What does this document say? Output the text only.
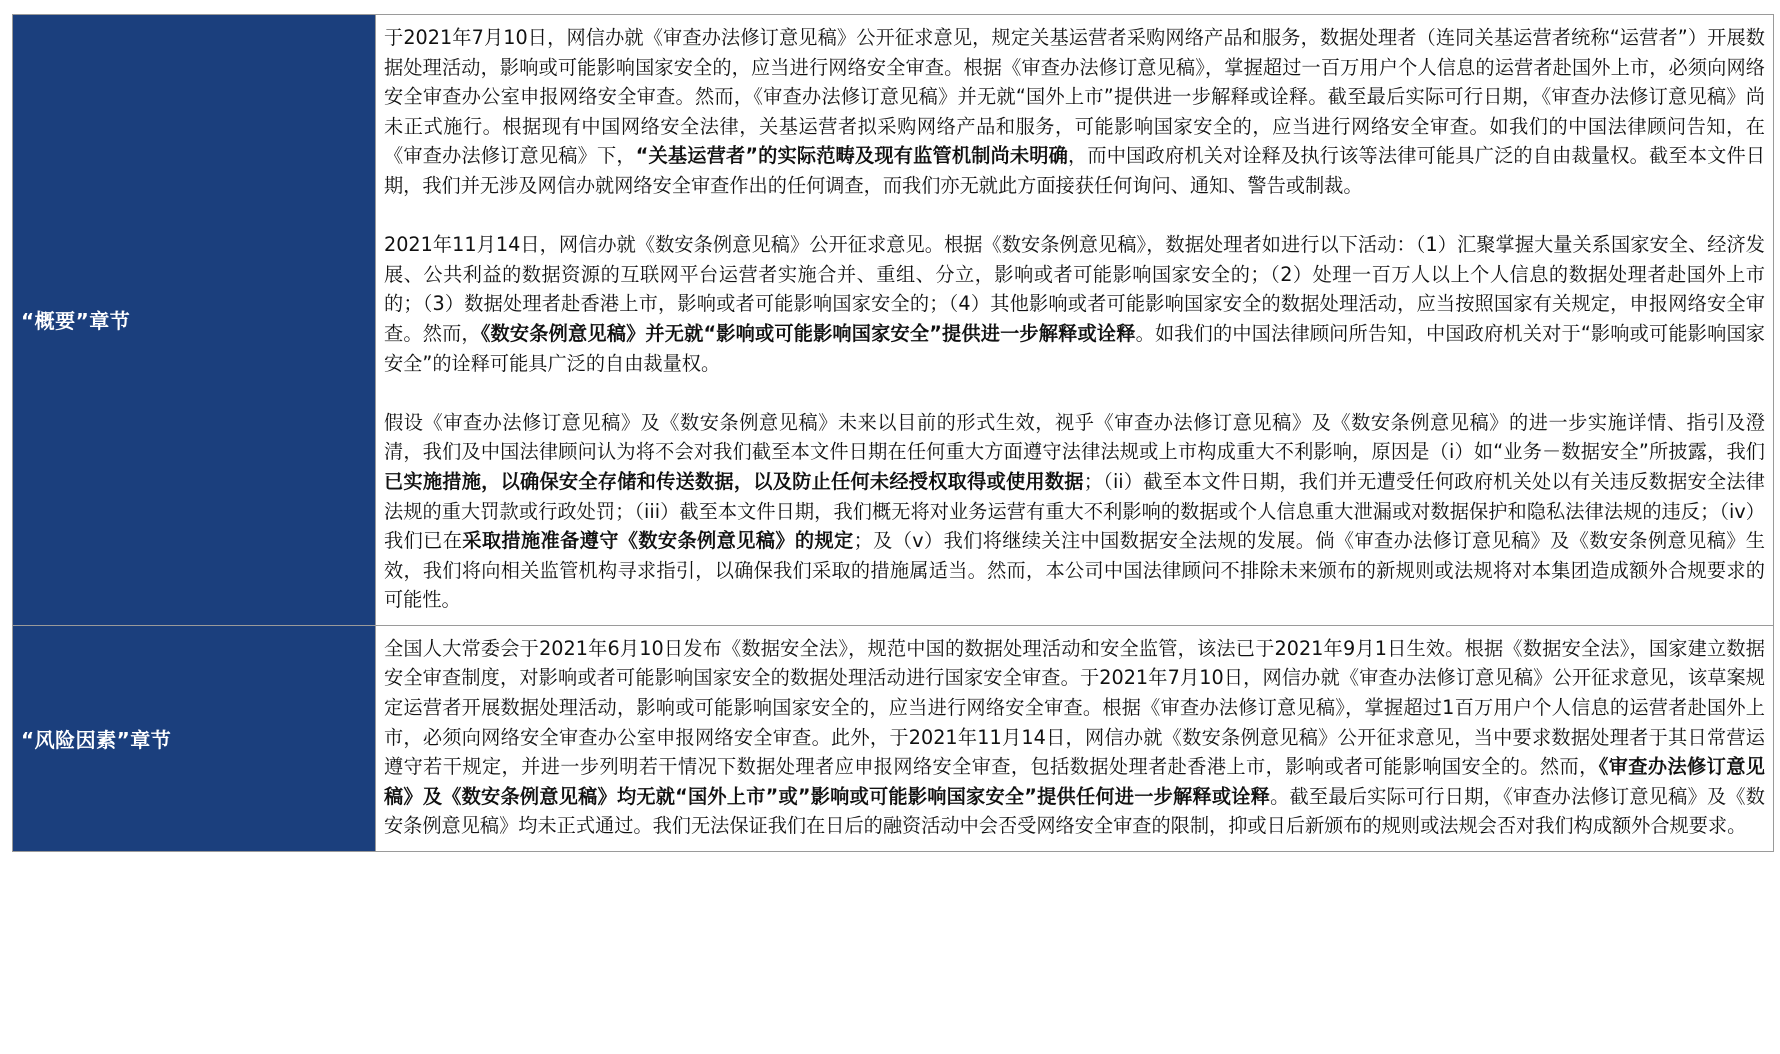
“概要”章节	于2021年7月10日，网信办就《审查办法修订意见稿》公开征求意见，规定关基运营者采购网络产品和服务，数据处理者（连同关基运营者统称“运营者”）开展数据处理活动，影响或可能影响国家安全的，应当进行网络安全审查。根据《审查办法修订意见稿》，掌握超过一百万用户个人信息的运营者赴国外上市，必须向网络安全审查办公室申报网络安全审查。然而，《审查办法修订意见稿》并无就“国外上市”提供进一步解释或诠释。截至最后实际可行日期，《审查办法修订意见稿》尚未正式施行。根据现有中国网络安全法律，关基运营者拟采购网络产品和服务，可能影响国家安全的，应当进行网络安全审查。如我们的中国法律顾问告知，在《审查办法修订意见稿》下，“关基运营者”的实际范畴及现有监管机制尚未明确，而中国政府机关对诠释及执行该等法律可能具广泛的自由裁量权。截至本文件日期，我们并无涉及网信办就网络安全审查作出的任何调查，而我们亦无就此方面接获任何询问、通知、警告或制裁。

2021年11月14日，网信办就《数安条例意见稿》公开征求意见。根据《数安条例意见稿》，数据处理者如进行以下活动：（1）汇聚掌握大量关系国家安全、经济发展、公共利益的数据资源的互联网平台运营者实施合并、重组、分立，影响或者可能影响国家安全的；（2）处理一百万人以上个人信息的数据处理者赴国外上市的；（3）数据处理者赴香港上市，影响或者可能影响国家安全的；（4）其他影响或者可能影响国家安全的数据处理活动，应当按照国家有关规定，申报网络安全审查。然而，《数安条例意见稿》并无就“影响或可能影响国家安全”提供进一步解释或诠释。如我们的中国法律顾问所告知，中国政府机关对于“影响或可能影响国家安全”的诠释可能具广泛的自由裁量权。

假设《审查办法修订意见稿》及《数安条例意见稿》未来以目前的形式生效，视乎《审查办法修订意见稿》及《数安条例意见稿》的进一步实施详情、指引及澄清，我们及中国法律顾问认为将不会对我们截至本文件日期在任何重大方面遵守法律法规或上市构成重大不利影响，原因是（i）如“业务－数据安全”所披露，我们已实施措施，以确保安全存储和传送数据，以及防止任何未经授权取得或使用数据；（ii）截至本文件日期，我们并无遭受任何政府机关处以有关违反数据安全法律法规的重大罚款或行政处罚；（iii）截至本文件日期，我们概无将对业务运营有重大不利影响的数据或个人信息重大泄漏或对数据保护和隐私法律法规的违反；（iv）我们已在采取措施准备遵守《数安条例意见稿》的规定；及（v）我们将继续关注中国数据安全法规的发展。倘《审查办法修订意见稿》及《数安条例意见稿》生效，我们将向相关监管机构寻求指引，以确保我们采取的措施属适当。然而，本公司中国法律顾问不排除未来颁布的新规则或法规将对本集团造成额外合规要求的可能性。

“风险因素”章节	全国人大常委会于2021年6月10日发布《数据安全法》，规范中国的数据处理活动和安全监管，该法已于2021年9月1日生效。根据《数据安全法》，国家建立数据安全审查制度，对影响或者可能影响国家安全的数据处理活动进行国家安全审查。于2021年7月10日，网信办就《审查办法修订意见稿》公开征求意见，该草案规定运营者开展数据处理活动，影响或可能影响国家安全的，应当进行网络安全审查。根据《审查办法修订意见稿》，掌握超过1百万用户个人信息的运营者赴国外上市，必须向网络安全审查办公室申报网络安全审查。此外，于2021年11月14日，网信办就《数安条例意见稿》公开征求意见，当中要求数据处理者于其日常营运遵守若干规定，并进一步列明若干情况下数据处理者应申报网络安全审查，包括数据处理者赴香港上市，影响或者可能影响国安全的。然而，《审查办法修订意见稿》及《数安条例意见稿》均无就“国外上市”或”影响或可能影响国家安全”提供任何进一步解释或诠释。截至最后实际可行日期，《审查办法修订意见稿》及《数安条例意见稿》均未正式通过。我们无法保证我们在日后的融资活动中会否受网络安全审查的限制，抑或日后新颁布的规则或法规会否对我们构成额外合规要求。
